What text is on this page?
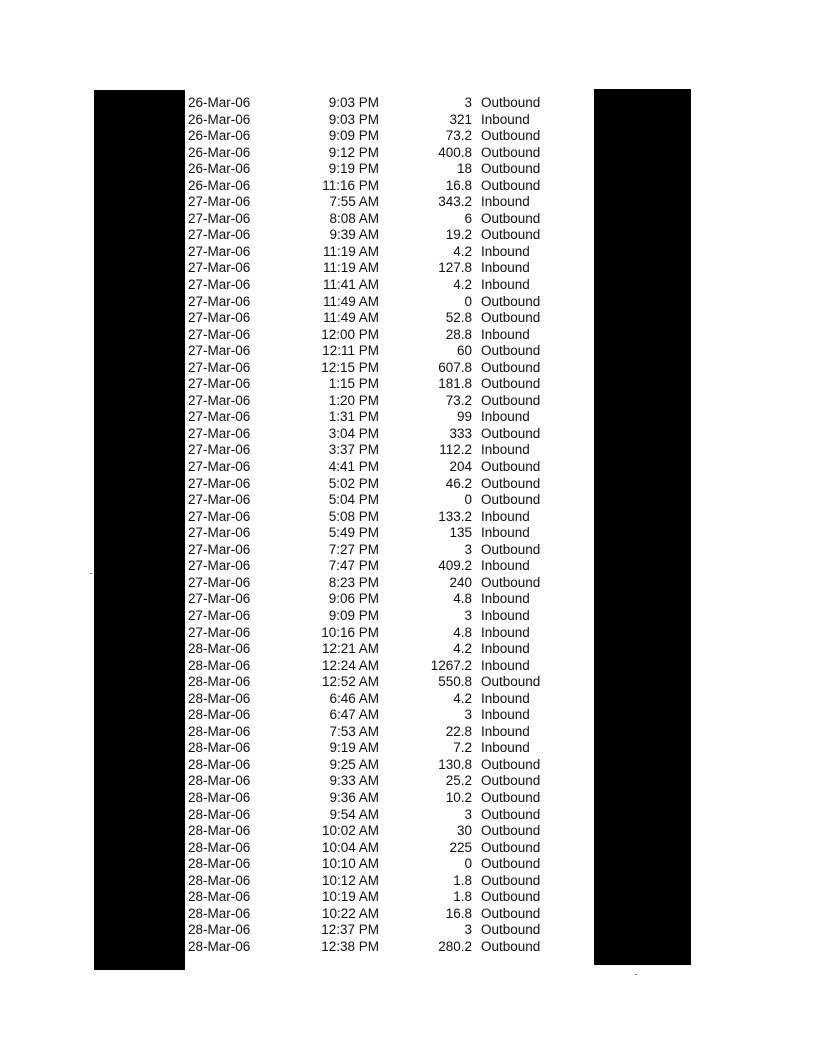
26-Mar-06	9:03 PM	3 Outbound
26-Mar-06	9:03 PM	321 Inbound
26-Mar-06	9:09 PM	73.2 Outbound
26-Mar-06	9:12 PM	400.8 Outbound
26-Mar-06	9:19 PM	18 Outbound
26-Mar-06	11:16 PM	16.8 Outbound
27-Mar-06	7:55 AM	343.2 Inbound
27-Mar-06	8:08 AM	6 Outbound
27-Mar-06	9:39 AM	19.2 Outbound
27-Mar-06	11:19 AM	4.2 Inbound
27-Mar-06	11:19 AM	127.8 Inbound
27-Mar-06	11:41 AM	4.2 Inbound
27-Mar-06	11:49 AM	0 Outbound
27-Mar-06	11:49 AM	52.8 Outbound
27-Mar-06	12:00 PM	28.8 Inbound
27-Mar-06	12:11 PM	60 Outbound
27-Mar-06	12:15 PM	607.8 Outbound
27-Mar-06	1:15 PM	181.8 Outbound
27-Mar-06	1:20 PM	73.2 Outbound
27-Mar-06	1:31 PM	99 Inbound
27-Mar-06	3:04 PM	333 Outbound
27-Mar-06	3:37 PM	112.2 Inbound
27-Mar-06	4:41 PM	204 Outbound
27-Mar-06	5:02 PM	46.2 Outbound
27-Mar-06	5:04 PM	0 Outbound
27-Mar-06	5:08 PM	133.2 Inbound
27-Mar-06	5:49 PM	135 Inbound
27-Mar-06	7:27 PM	3 Outbound
27-Mar-06	7:47 PM	409.2 Inbound
27-Mar-06	8:23 PM	240 Outbound
27-Mar-06	9:06 PM	4.8 Inbound
27-Mar-06	9:09 PM	3 Inbound
27-Mar-06	10:16 PM	4.8 Inbound
28-Mar-06	12:21 AM	4.2 Inbound
28-Mar-06	12:24 AM	1267.2 Inbound
28-Mar-06	12:52 AM	550.8 Outbound
28-Mar-06	6:46 AM	4.2 Inbound
28-Mar-06	6:47 AM	3 Inbound
28-Mar-06	7:53 AM	22.8 Inbound
28-Mar-06	9:19 AM	7.2 Inbound
28-Mar-06	9:25 AM	130.8 Outbound
28-Mar-06	9:33 AM	25.2 Outbound
28-Mar-06	9:36 AM	10.2 Outbound
28-Mar-06	9:54 AM	3 Outbound
28-Mar-06	10:02 AM	30 Outbound
28-Mar-06	10:04 AM	225 Outbound
28-Mar-06	10:10 AM	0 Outbound
28-Mar-06	10:12 AM	1.8 Outbound
28-Mar-06	10:19 AM	1.8 Outbound
28-Mar-06	10:22 AM	16.8 Outbound
28-Mar-06	12:37 PM	3 Outbound
28-Mar-06	12:38 PM	280.2 Outbound
